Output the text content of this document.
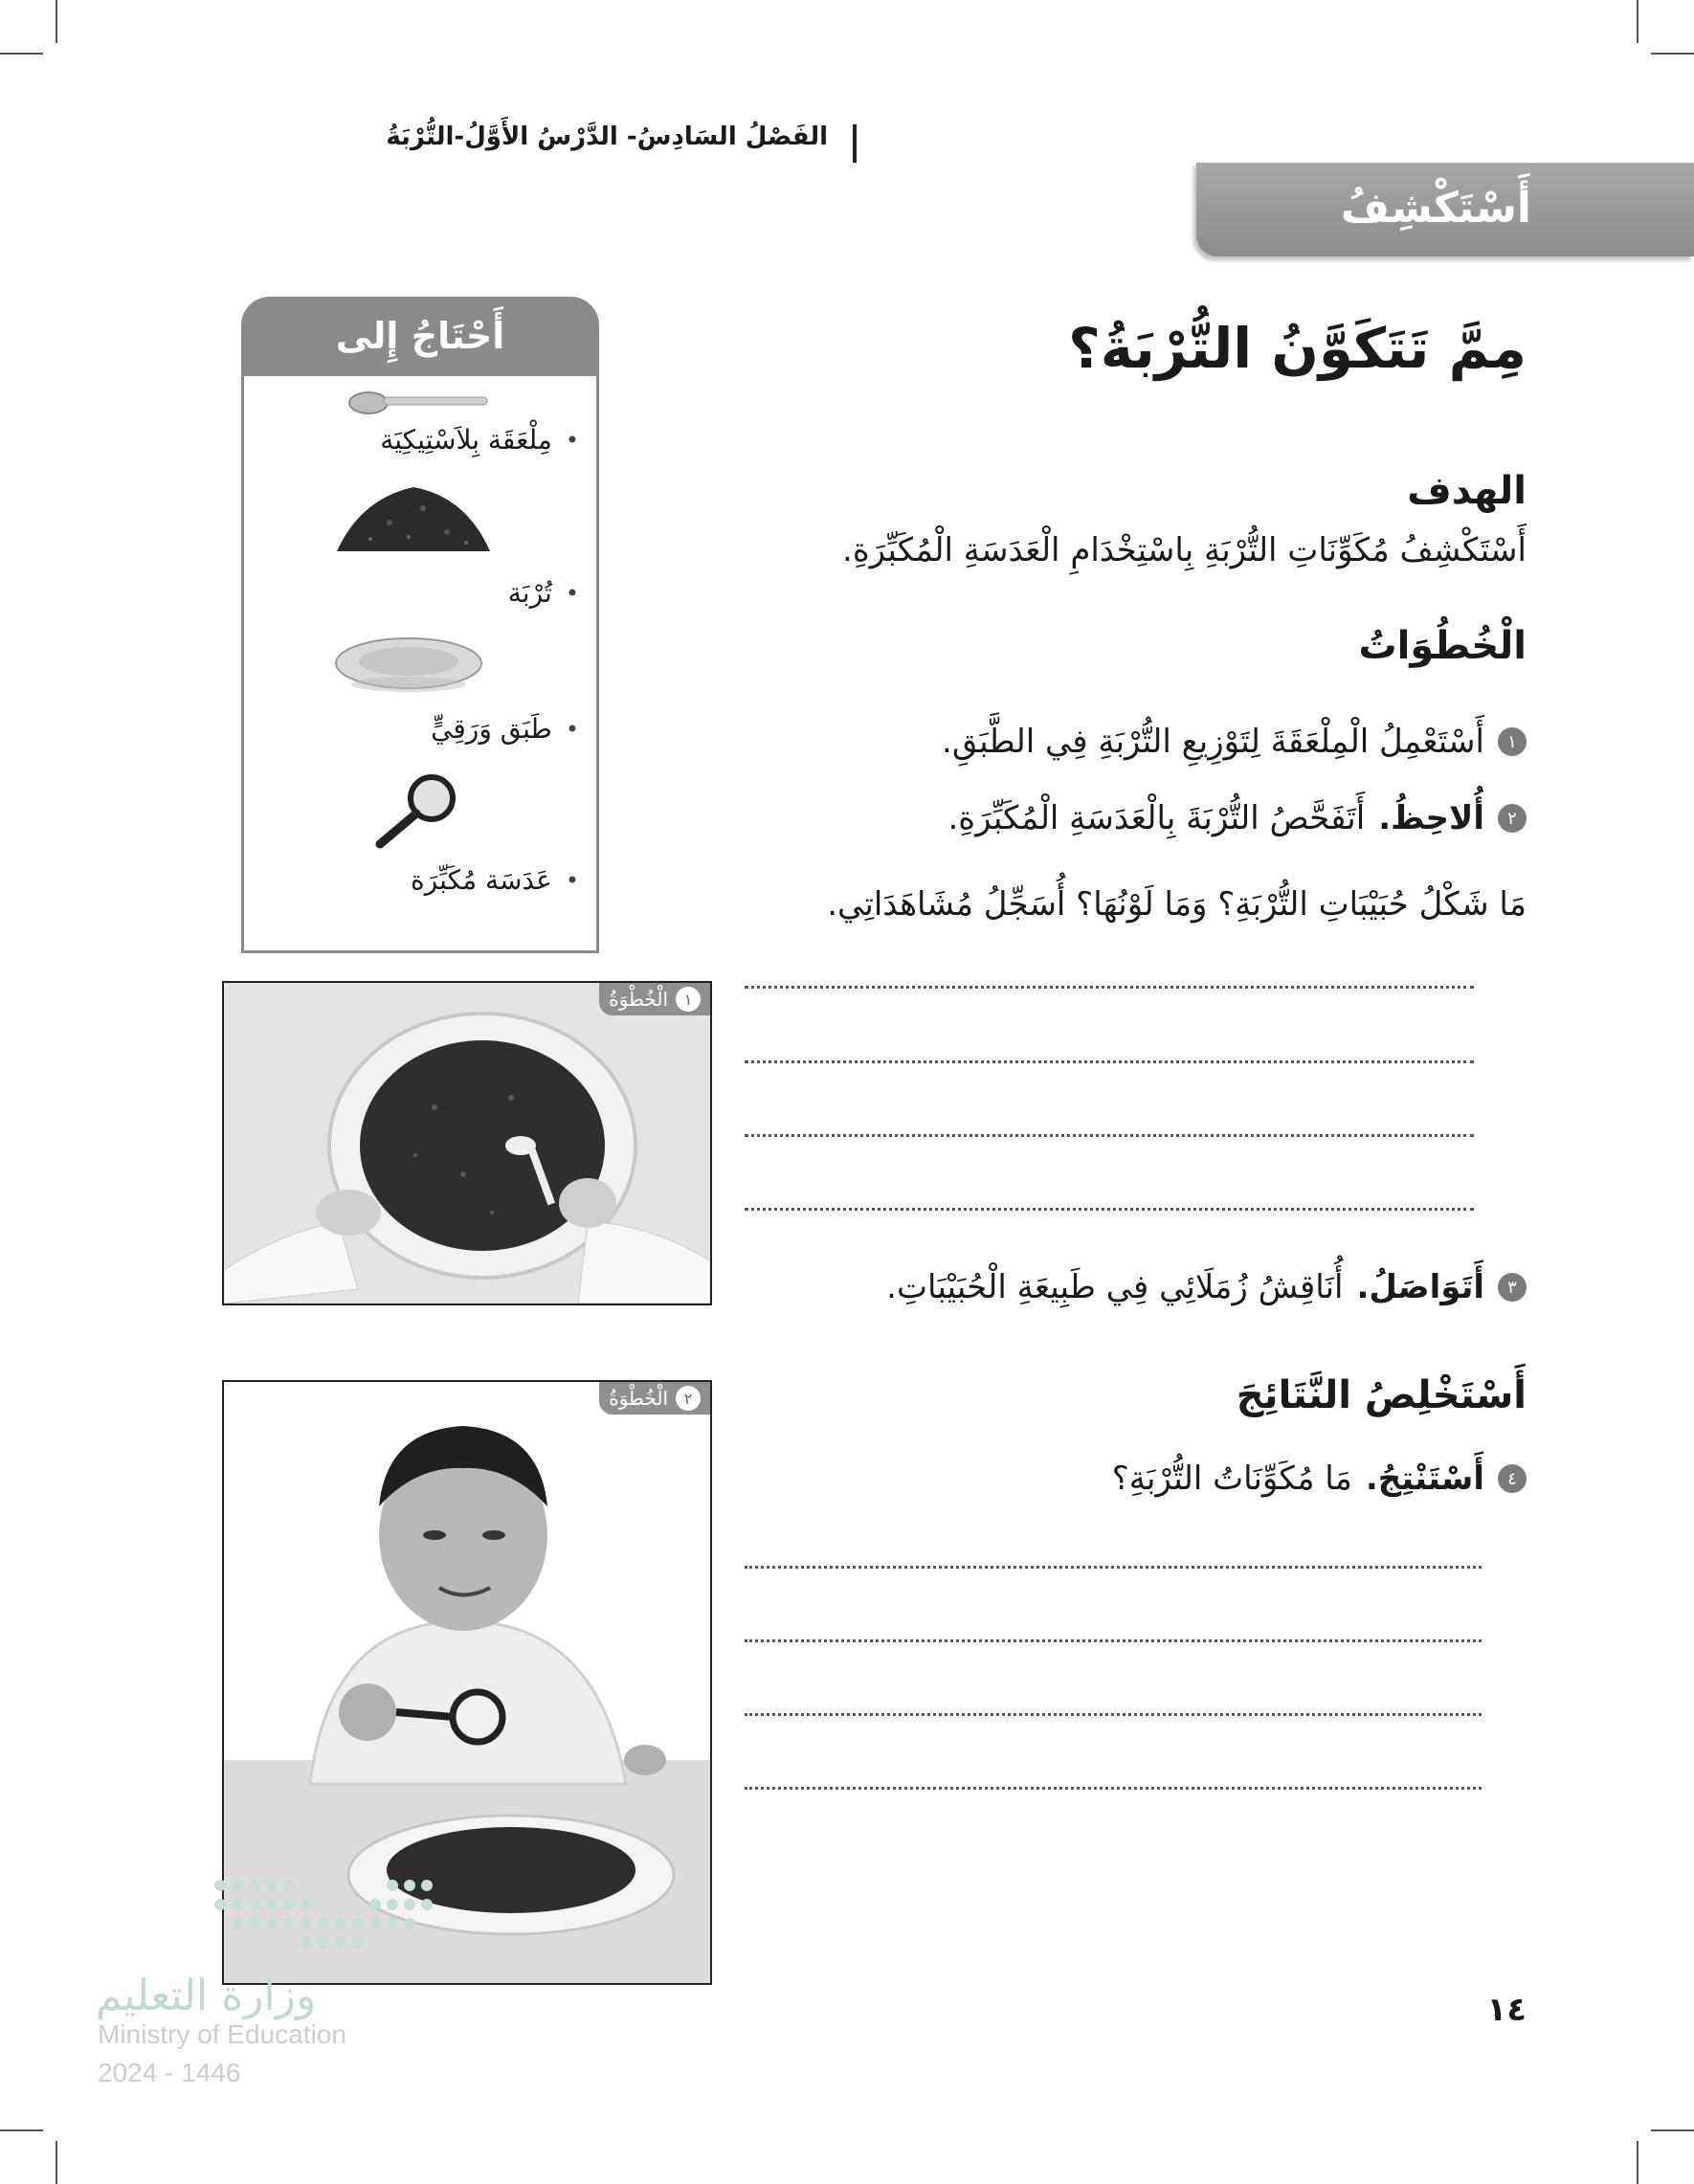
الفَصْلُ السَادِسُ- الدَّرْسُ الأَوَّلُ-التُّرْبَةُ
أَسْتَكْشِفُ
مِمَّ تَتَكَوَّنُ التُّرْبَةُ؟
الهدف
أَسْتَكْشِفُ مُكَوِّنَاتِ التُّرْبَةِ بِاسْتِخْدَامِ الْعَدَسَةِ الْمُكَبِّرَةِ.
الْخُطُوَاتُ
١
أَسْتَعْمِلُ الْمِلْعَقَةَ لِتَوْزِيعِ التُّرْبَةِ فِي الطَّبَقِ.
٢
أُلاحِظُ.
أَتَفَحَّصُ التُّرْبَةَ بِالْعَدَسَةِ الْمُكَبِّرَةِ.
مَا شَكْلُ حُبَيْبَاتِ التُّرْبَةِ؟ وَمَا لَوْنُهَا؟ أُسَجِّلُ مُشَاهَدَاتِي.
٣
أَتَوَاصَلُ.
أُنَاقِشُ زُمَلَائِي فِي طَبِيعَةِ الْحُبَيْبَاتِ.
أَسْتَخْلِصُ النَّتَائِجَ
٤
أَسْتَنْتِجُ.
مَا مُكَوِّنَاتُ التُّرْبَةِ؟
أَحْتَاجُ إِلى
• مِلْعَقَة بِلاَسْتِيكِيَة
• تُرْبَة
• طَبَق وَرَقِيٍّ
• عَدَسَة مُكَبِّرَة
١
الْخُطْوَةُ
٢
الْخُطْوَةُ
وزارة التعليم
Ministry of Education
2024 - 1446
١٤
